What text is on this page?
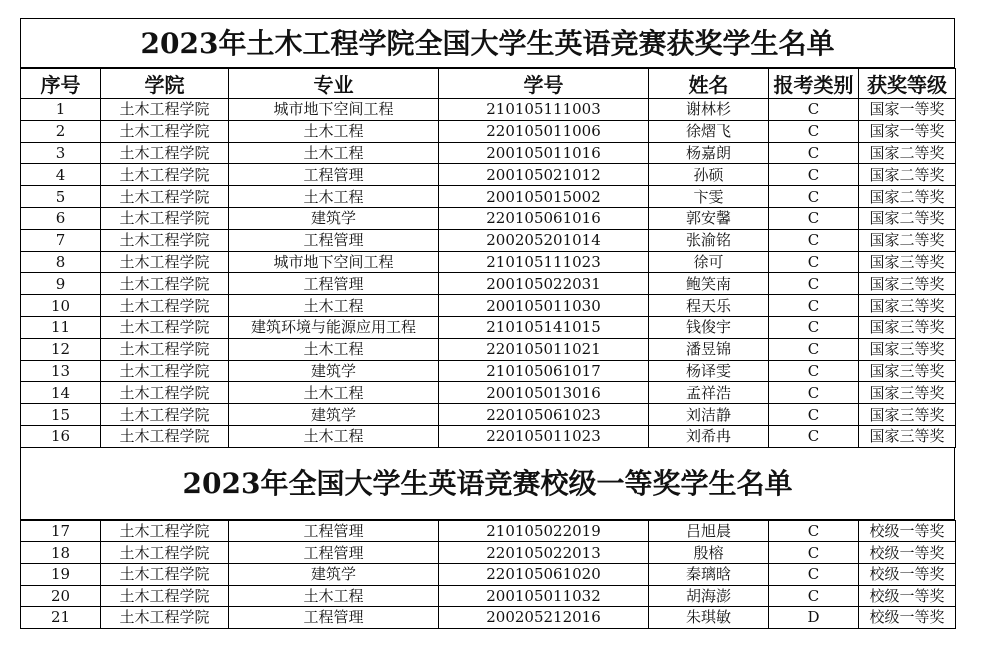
2023年土木工程学院全国大学生英语竞赛获奖学生名单
序号	学院	专业	学号	姓名	报考类别	获奖等级
1	土木工程学院	城市地下空间工程	210105111003	谢林杉	C	国家一等奖
2	土木工程学院	土木工程	220105011006	徐熠飞	C	国家一等奖
3	土木工程学院	土木工程	200105011016	杨嘉朗	C	国家二等奖
4	土木工程学院	工程管理	200105021012	孙硕	C	国家二等奖
5	土木工程学院	土木工程	200105015002	卞雯	C	国家二等奖
6	土木工程学院	建筑学	220105061016	郭安馨	C	国家二等奖
7	土木工程学院	工程管理	200205201014	张渝铭	C	国家二等奖
8	土木工程学院	城市地下空间工程	210105111023	徐可	C	国家三等奖
9	土木工程学院	工程管理	200105022031	鲍笑南	C	国家三等奖
10	土木工程学院	土木工程	200105011030	程天乐	C	国家三等奖
11	土木工程学院	建筑环境与能源应用工程	210105141015	钱俊宇	C	国家三等奖
12	土木工程学院	土木工程	220105011021	潘昱锦	C	国家三等奖
13	土木工程学院	建筑学	210105061017	杨译雯	C	国家三等奖
14	土木工程学院	土木工程	200105013016	孟祥浩	C	国家三等奖
15	土木工程学院	建筑学	220105061023	刘洁静	C	国家三等奖
16	土木工程学院	土木工程	220105011023	刘希冉	C	国家三等奖
2023年全国大学生英语竞赛校级一等奖学生名单
17	土木工程学院	工程管理	210105022019	吕旭晨	C	校级一等奖
18	土木工程学院	工程管理	220105022013	殷榕	C	校级一等奖
19	土木工程学院	建筑学	220105061020	秦璃晗	C	校级一等奖
20	土木工程学院	土木工程	200105011032	胡海澎	C	校级一等奖
21	土木工程学院	工程管理	200205212016	朱琪敏	D	校级一等奖
